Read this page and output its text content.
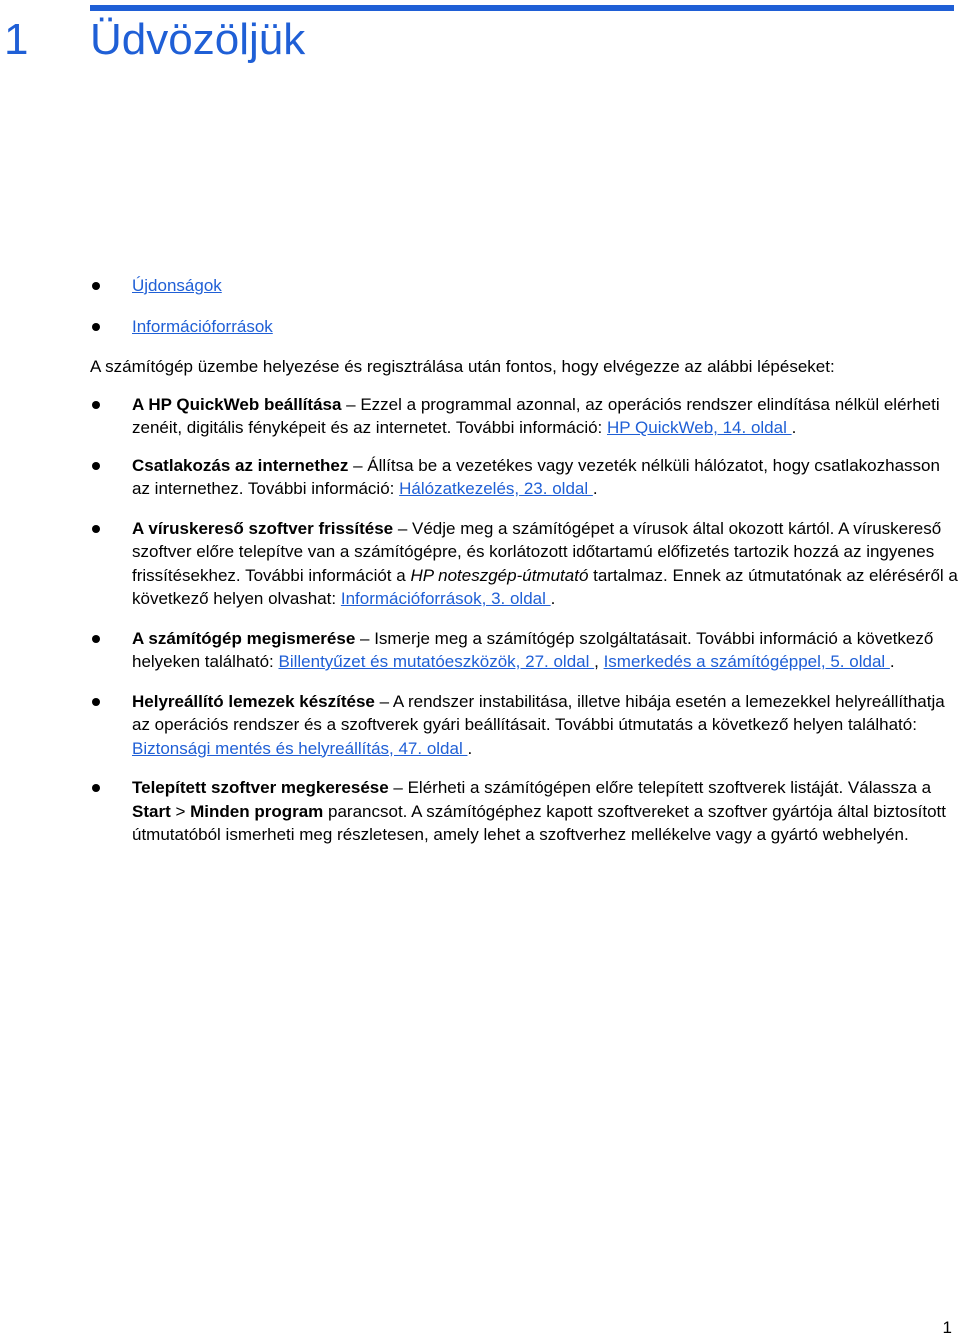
1 Üdvözöljük
Újdonságok
Információforrások

A számítógép üzembe helyezése és regisztrálása után fontos, hogy elvégezze az alábbi lépéseket:

A HP QuickWeb beállítása – Ezzel a programmal azonnal, az operációs rendszer elindítása nélkül elérheti zenéit, digitális fényképeit és az internetet. További információ: HP QuickWeb, 14. oldal .
Csatlakozás az internethez – Állítsa be a vezetékes vagy vezeték nélküli hálózatot, hogy csatlakozhasson az internethez. További információ: Hálózatkezelés, 23. oldal .
A víruskereső szoftver frissítése – Védje meg a számítógépet a vírusok által okozott kártól. A víruskereső szoftver előre telepítve van a számítógépre, és korlátozott időtartamú előfizetés tartozik hozzá az ingyenes frissítésekhez. További információt a HP noteszgép-útmutató tartalmaz. Ennek az útmutatónak az eléréséről a következő helyen olvashat: Információforrások, 3. oldal .
A számítógép megismerése – Ismerje meg a számítógép szolgáltatásait. További információ a következő helyeken található: Billentyűzet és mutatóeszközök, 27. oldal , Ismerkedés a számítógéppel, 5. oldal .
Helyreállító lemezek készítése – A rendszer instabilitása, illetve hibája esetén a lemezekkel helyreállíthatja az operációs rendszer és a szoftverek gyári beállításait. További útmutatás a következő helyen található: Biztonsági mentés és helyreállítás, 47. oldal .
Telepített szoftver megkeresése – Elérheti a számítógépen előre telepített szoftverek listáját. Válassza a Start > Minden program parancsot. A számítógéphez kapott szoftvereket a szoftver gyártója által biztosított útmutatóból ismerheti meg részletesen, amely lehet a szoftverhez mellékelve vagy a gyártó webhelyén.
1
